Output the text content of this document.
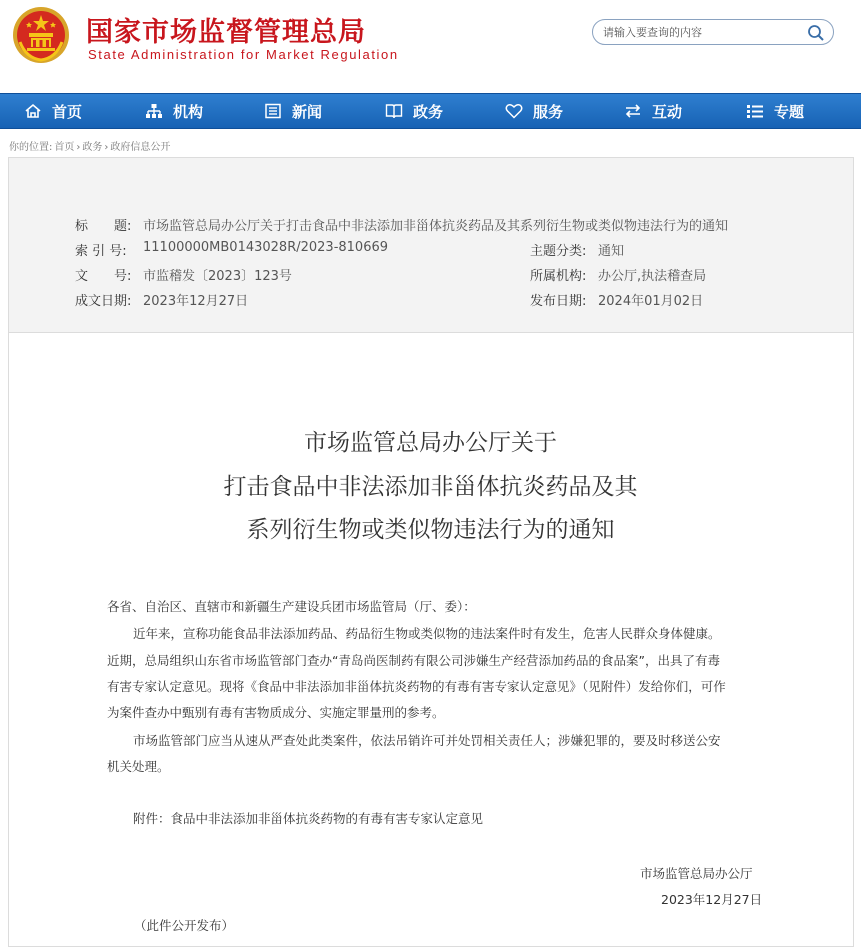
国家市场监督管理总局
State Administration for Market Regulation
请输入要查询的内容
首页	机构	新闻	政务	服务	互动	专题
你的位置: 首页 › 政务 › 政府信息公开
标　　题: 市场监管总局办公厅关于打击食品中非法添加非甾体抗炎药品及其系列衍生物或类似物违法行为的通知
索 引 号: 11100000MB0143028R/2023-810669	主题分类: 通知
文　　号: 市监稽发〔2023〕123号	所属机构: 办公厅,执法稽查局
成文日期: 2023年12月27日	发布日期: 2024年01月02日
市场监管总局办公厅关于
打击食品中非法添加非甾体抗炎药品及其
系列衍生物或类似物违法行为的通知
各省、自治区、直辖市和新疆生产建设兵团市场监管局（厅、委）：
近年来，宣称功能食品非法添加药品、药品衍生物或类似物的违法案件时有发生，危害人民群众身体健康。
近期，总局组织山东省市场监管部门查办“青岛尚医制药有限公司涉嫌生产经营添加药品的食品案”，出具了有毒
有害专家认定意见。现将《食品中非法添加非甾体抗炎药物的有毒有害专家认定意见》（见附件）发给你们，可作
为案件查办中甄别有毒有害物质成分、实施定罪量刑的参考。
市场监管部门应当从速从严查处此类案件，依法吊销许可并处罚相关责任人；涉嫌犯罪的，要及时移送公安
机关处理。
附件：食品中非法添加非甾体抗炎药物的有毒有害专家认定意见
市场监管总局办公厅
2023年12月27日
（此件公开发布）
